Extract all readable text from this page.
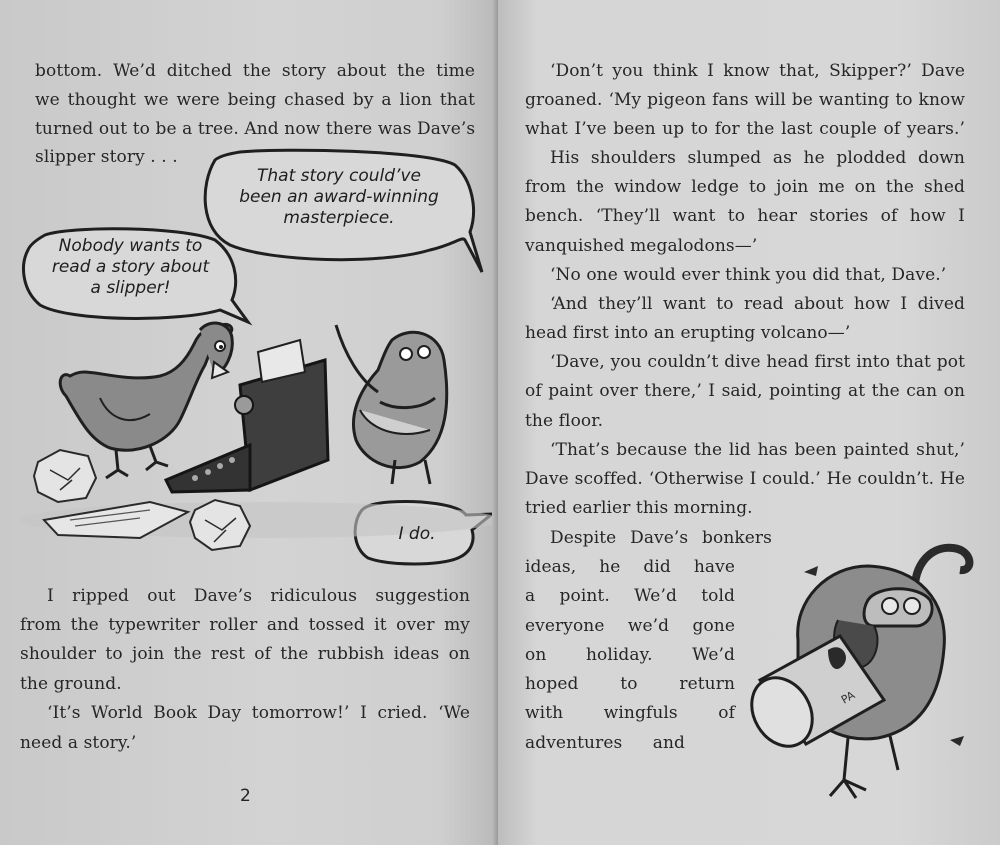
bottom. We’d ditched the story about the time
we thought we were being chased by a lion that
turned out to be a tree. And now there was Dave’s
slipper story . . .
That story could’ve
been an award-winning
masterpiece.
Nobody wants to
read a story about
a slipper!
I do.
I ripped out Dave’s ridiculous suggestion
from the typewriter roller and tossed it over my
shoulder to join the rest of the rubbish ideas on
the ground.
‘It’s World Book Day tomorrow!’ I cried. ‘We
need a story.’
2
‘Don’t you think I know that, Skipper?’ Dave
groaned. ‘My pigeon fans will be wanting to know
what I’ve been up to for the last couple of years.’
His shoulders slumped as he plodded down
from the window ledge to join me on the shed
bench. ‘They’ll want to hear stories of how I
vanquished megalodons—’
‘No one would ever think you did that, Dave.’
‘And they’ll want to read about how I dived
head first into an erupting volcano—’
‘Dave, you couldn’t dive head first into that pot
of paint over there,’ I said, pointing at the can on
the floor.
‘That’s because the lid has been painted shut,’
Dave scoffed. ‘Otherwise I could.’ He couldn’t. He
tried earlier this morning.
Despite Dave’s bonkers
ideas, he did have
a point. We’d told
everyone we’d gone
on holiday. We’d
hoped to return
with wingfuls of
adventures and
PA
